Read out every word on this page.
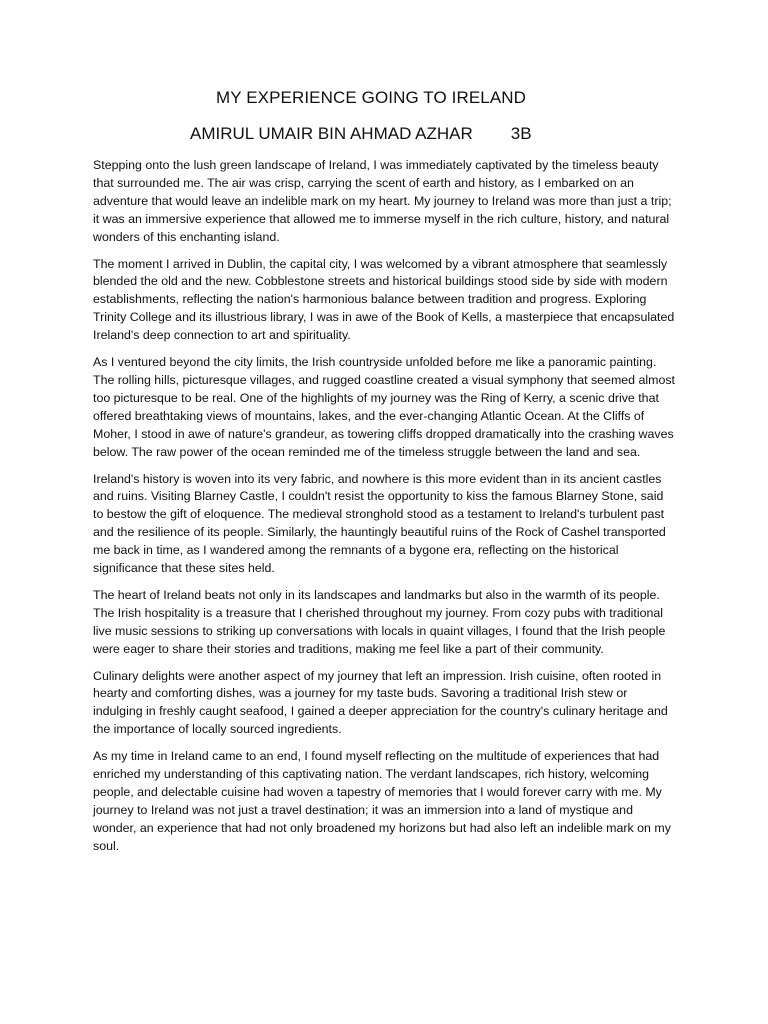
MY EXPERIENCE GOING TO IRELAND
AMIRUL UMAIR BIN AHMAD AZHAR 3B

Stepping onto the lush green landscape of Ireland, I was immediately captivated by the timeless beauty that surrounded me. The air was crisp, carrying the scent of earth and history, as I embarked on an adventure that would leave an indelible mark on my heart. My journey to Ireland was more than just a trip; it was an immersive experience that allowed me to immerse myself in the rich culture, history, and natural wonders of this enchanting island.

The moment I arrived in Dublin, the capital city, I was welcomed by a vibrant atmosphere that seamlessly blended the old and the new. Cobblestone streets and historical buildings stood side by side with modern establishments, reflecting the nation's harmonious balance between tradition and progress. Exploring Trinity College and its illustrious library, I was in awe of the Book of Kells, a masterpiece that encapsulated Ireland's deep connection to art and spirituality.

As I ventured beyond the city limits, the Irish countryside unfolded before me like a panoramic painting. The rolling hills, picturesque villages, and rugged coastline created a visual symphony that seemed almost too picturesque to be real. One of the highlights of my journey was the Ring of Kerry, a scenic drive that offered breathtaking views of mountains, lakes, and the ever-changing Atlantic Ocean. At the Cliffs of Moher, I stood in awe of nature's grandeur, as towering cliffs dropped dramatically into the crashing waves below. The raw power of the ocean reminded me of the timeless struggle between the land and sea.

Ireland's history is woven into its very fabric, and nowhere is this more evident than in its ancient castles and ruins. Visiting Blarney Castle, I couldn't resist the opportunity to kiss the famous Blarney Stone, said to bestow the gift of eloquence. The medieval stronghold stood as a testament to Ireland's turbulent past and the resilience of its people. Similarly, the hauntingly beautiful ruins of the Rock of Cashel transported me back in time, as I wandered among the remnants of a bygone era, reflecting on the historical significance that these sites held.

The heart of Ireland beats not only in its landscapes and landmarks but also in the warmth of its people. The Irish hospitality is a treasure that I cherished throughout my journey. From cozy pubs with traditional live music sessions to striking up conversations with locals in quaint villages, I found that the Irish people were eager to share their stories and traditions, making me feel like a part of their community.

Culinary delights were another aspect of my journey that left an impression. Irish cuisine, often rooted in hearty and comforting dishes, was a journey for my taste buds. Savoring a traditional Irish stew or indulging in freshly caught seafood, I gained a deeper appreciation for the country's culinary heritage and the importance of locally sourced ingredients.

As my time in Ireland came to an end, I found myself reflecting on the multitude of experiences that had enriched my understanding of this captivating nation. The verdant landscapes, rich history, welcoming people, and delectable cuisine had woven a tapestry of memories that I would forever carry with me. My journey to Ireland was not just a travel destination; it was an immersion into a land of mystique and wonder, an experience that had not only broadened my horizons but had also left an indelible mark on my soul.
